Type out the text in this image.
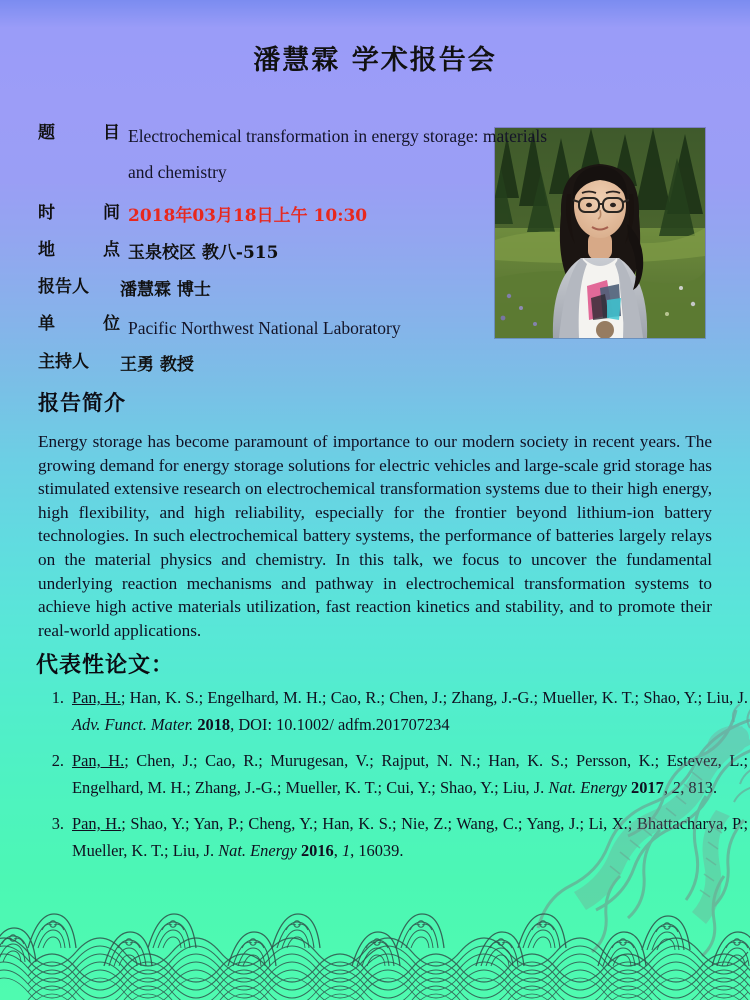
潘慧霖 学术报告会
题	目 Electrochemical transformation in energy storage: materials and chemistry
时	间 2018年03月18日上午 10:30
地	点 玉泉校区 教八-515
报告人	潘慧霖 博士
单	位 Pacific Northwest National Laboratory
主持人	王勇 教授
报告简介
Energy storage has become paramount of importance to our modern society in recent years. The growing demand for energy storage solutions for electric vehicles and large-scale grid storage has stimulated extensive research on electrochemical transformation systems due to their high energy, high flexibility, and high reliability, especially for the frontier beyond lithium-ion battery technologies. In such electrochemical battery systems, the performance of batteries largely relays on the material physics and chemistry. In this talk, we focus to uncover the fundamental underlying reaction mechanisms and pathway in electrochemical transformation systems to achieve high active materials utilization, fast reaction kinetics and stability, and to promote their real-world applications.
代表性论文：
Pan, H.; Han, K. S.; Engelhard, M. H.; Cao, R.; Chen, J.; Zhang, J.-G.; Mueller, K. T.; Shao, Y.; Liu, J. Adv. Funct. Mater. 2018, DOI: 10.1002/ adfm.201707234
Pan, H.; Chen, J.; Cao, R.; Murugesan, V.; Rajput, N. N.; Han, K. S.; Persson, K.; Estevez, L.; Engelhard, M. H.; Zhang, J.-G.; Mueller, K. T.; Cui, Y.; Shao, Y.; Liu, J. Nat. Energy 2017, 2, 813.
Pan, H.; Shao, Y.; Yan, P.; Cheng, Y.; Han, K. S.; Nie, Z.; Wang, C.; Yang, J.; Li, X.; Bhattacharya, P.; Mueller, K. T.; Liu, J. Nat. Energy 2016, 1, 16039.
